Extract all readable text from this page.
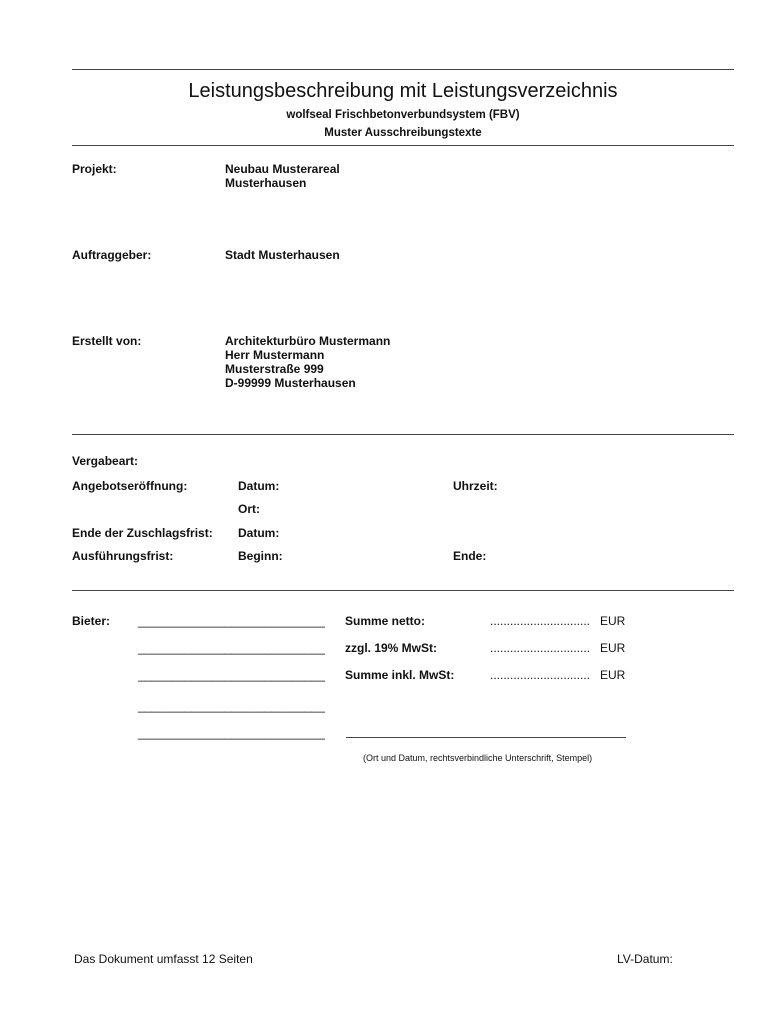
Leistungsbeschreibung mit Leistungsverzeichnis
wolfseal Frischbetonverbundsystem (FBV)
Muster Ausschreibungstexte
Projekt:	Neubau Musterareal
Musterhausen
Auftraggeber:	Stadt Musterhausen
Erstellt von:	Architekturbüro Mustermann
Herr Mustermann
Musterstraße 999
D-99999 Musterhausen
Vergabeart:
Angebotseröffnung:	Datum:	Uhrzeit:
Ort:
Ende der Zuschlagsfrist: Datum:
Ausführungsfrist:	Beginn:	Ende:
Bieter: ____________________________
____________________________
____________________________
____________________________
____________________________
Summe netto:	.............................. EUR
zzgl. 19% MwSt:	.............................. EUR
Summe inkl. MwSt:	.............................. EUR
(Ort und Datum, rechtsverbindliche Unterschrift, Stempel)
Das Dokument umfasst 12 Seiten	LV-Datum:
